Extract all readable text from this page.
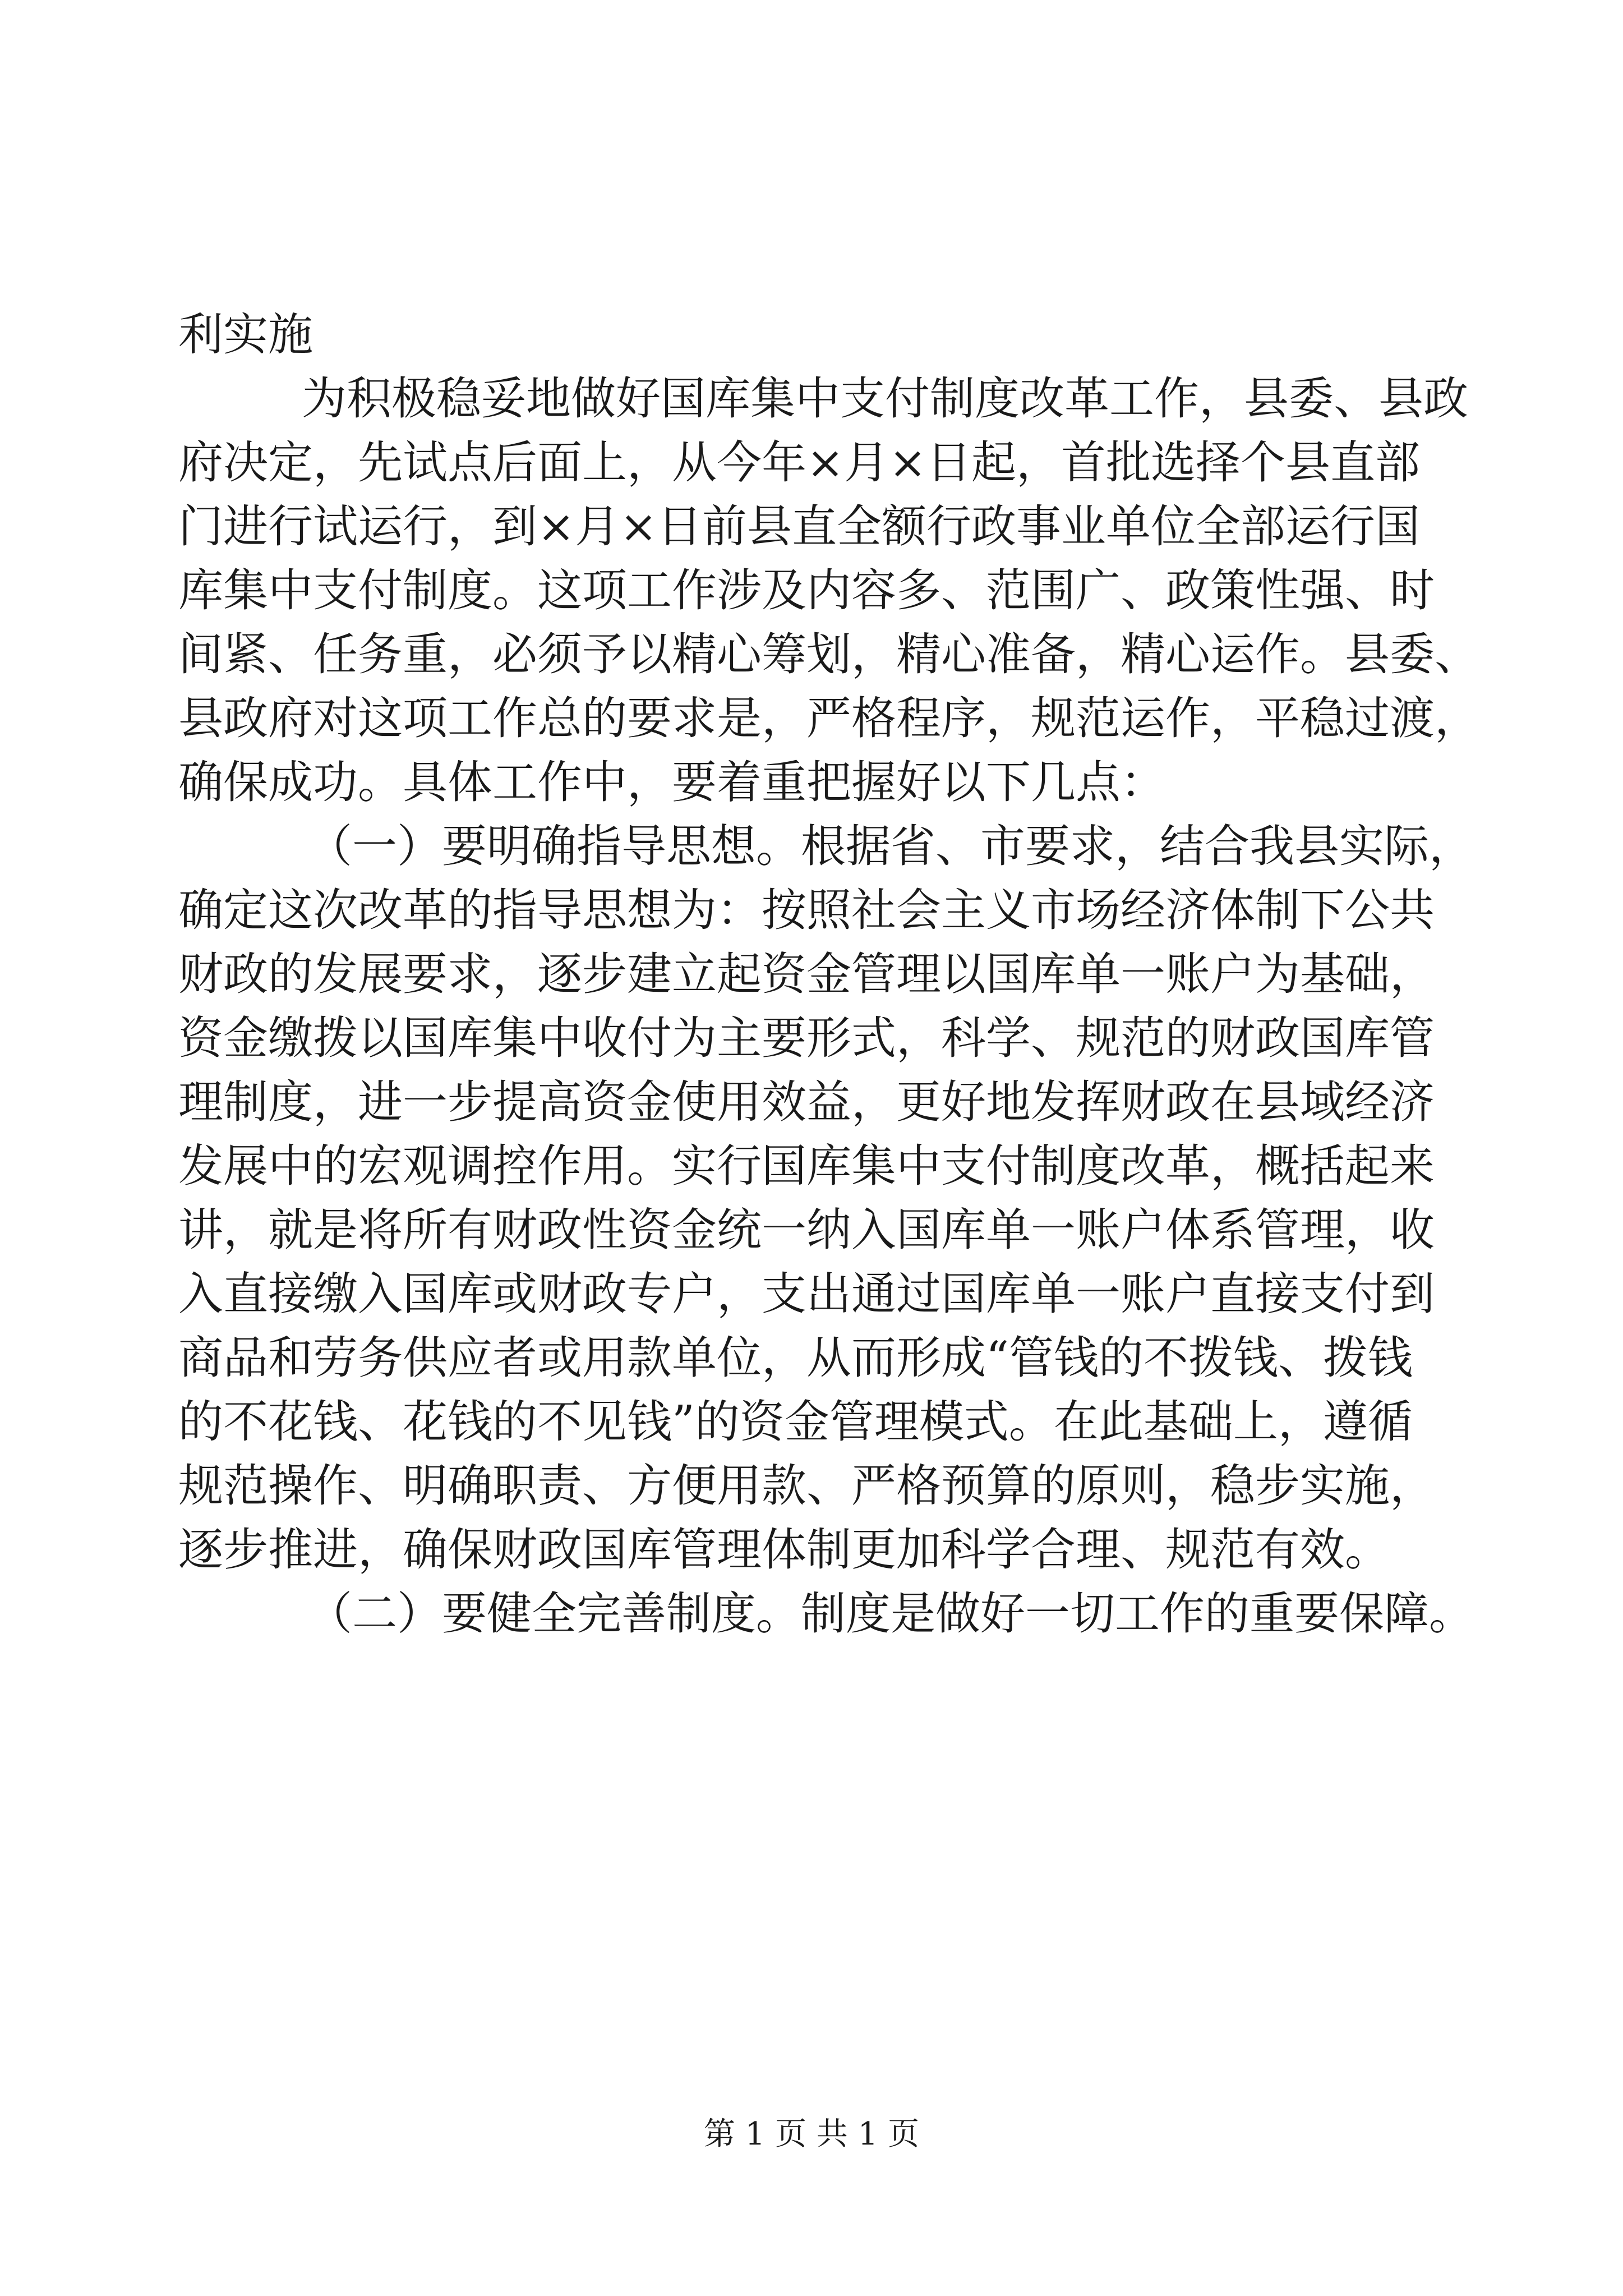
利实施
为积极稳妥地做好国库集中支付制度改革工作，县委、县政
府决定，先试点后面上，从今年×月×日起，首批选择个县直部
门进行试运行，到×月×日前县直全额行政事业单位全部运行国
库集中支付制度。这项工作涉及内容多、范围广、政策性强、时
间紧、任务重，必须予以精心筹划，精心准备，精心运作。县委、
县政府对这项工作总的要求是，严格程序，规范运作，平稳过渡，
确保成功。具体工作中，要着重把握好以下几点：
（一）要明确指导思想。根据省、市要求，结合我县实际，
确定这次改革的指导思想为：按照社会主义市场经济体制下公共
财政的发展要求，逐步建立起资金管理以国库单一账户为基础，
资金缴拨以国库集中收付为主要形式，科学、规范的财政国库管
理制度，进一步提高资金使用效益，更好地发挥财政在县域经济
发展中的宏观调控作用。实行国库集中支付制度改革，概括起来
讲，就是将所有财政性资金统一纳入国库单一账户体系管理，收
入直接缴入国库或财政专户，支出通过国库单一账户直接支付到
商品和劳务供应者或用款单位，从而形成“管钱的不拨钱、拨钱
的不花钱、花钱的不见钱”的资金管理模式。在此基础上，遵循
规范操作、明确职责、方便用款、严格预算的原则，稳步实施，
逐步推进，确保财政国库管理体制更加科学合理、规范有效。
（二）要健全完善制度。制度是做好一切工作的重要保障。
第 1 页 共 1 页
